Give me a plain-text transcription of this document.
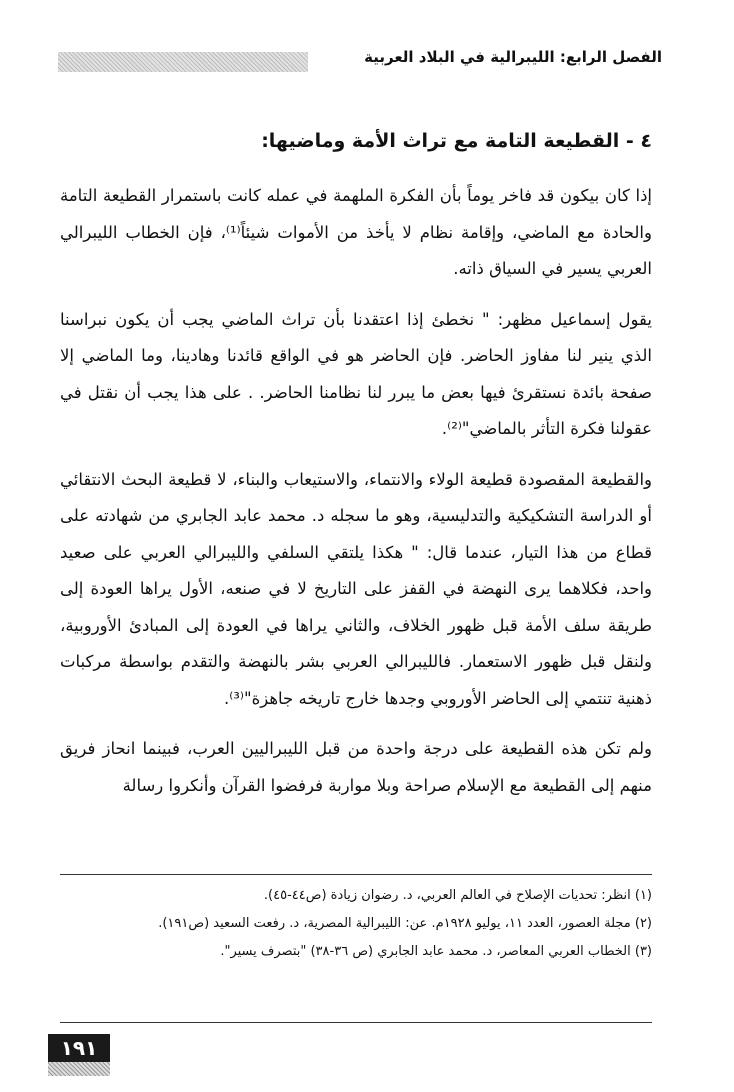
الفصل الرابع: الليبرالية في البلاد العربية
٤ - القطيعة التامة مع تراث الأمة وماضيها:

إذا كان بيكون قد فاخر يوماً بأن الفكرة الملهمة في عمله كانت باستمرار القطيعة التامة والحادة مع الماضي، وإقامة نظام لا يأخذ من الأموات شيئاً⁽¹⁾، فإن الخطاب الليبرالي العربي يسير في السياق ذاته.

يقول إسماعيل مظهر: " نخطئ إذا اعتقدنا بأن تراث الماضي يجب أن يكون نبراسنا الذي ينير لنا مفاوز الحاضر. فإن الحاضر هو في الواقع قائدنا وهادينا، وما الماضي إلا صفحة بائدة نستقرئ فيها بعض ما يبرر لنا نظامنا الحاضر. . على هذا يجب أن نقتل في عقولنا فكرة التأثر بالماضي"⁽²⁾.

والقطيعة المقصودة قطيعة الولاء والانتماء، والاستيعاب والبناء، لا قطيعة البحث الانتقائي أو الدراسة التشكيكية والتدليسية، وهو ما سجله د. محمد عابد الجابري من شهادته على قطاع من هذا التيار، عندما قال: " هكذا يلتقي السلفي والليبرالي العربي على صعيد واحد، فكلاهما يرى النهضة في القفز على التاريخ لا في صنعه، الأول يراها العودة إلى طريقة سلف الأمة قبل ظهور الخلاف، والثاني يراها في العودة إلى المبادئ الأوروبية، ولنقل قبل ظهور الاستعمار. فالليبرالي العربي بشر بالنهضة والتقدم بواسطة مركبات ذهنية تنتمي إلى الحاضر الأوروبي وجدها خارج تاريخه جاهزة"⁽³⁾.

ولم تكن هذه القطيعة على درجة واحدة من قبل الليبراليين العرب، فبينما انحاز فريق منهم إلى القطيعة مع الإسلام صراحة وبلا مواربة فرفضوا القرآن وأنكروا رسالة

(١) انظر: تحديات الإصلاح في العالم العربي، د. رضوان زيادة (ص٤٤-٤٥).

(٢) مجلة العصور، العدد ١١، يوليو ١٩٢٨م. عن: الليبرالية المصرية، د. رفعت السعيد (ص١٩١).

(٣) الخطاب العربي المعاصر، د. محمد عابد الجابري (ص ٣٦-٣٨) "بتصرف يسير".

١٩١
